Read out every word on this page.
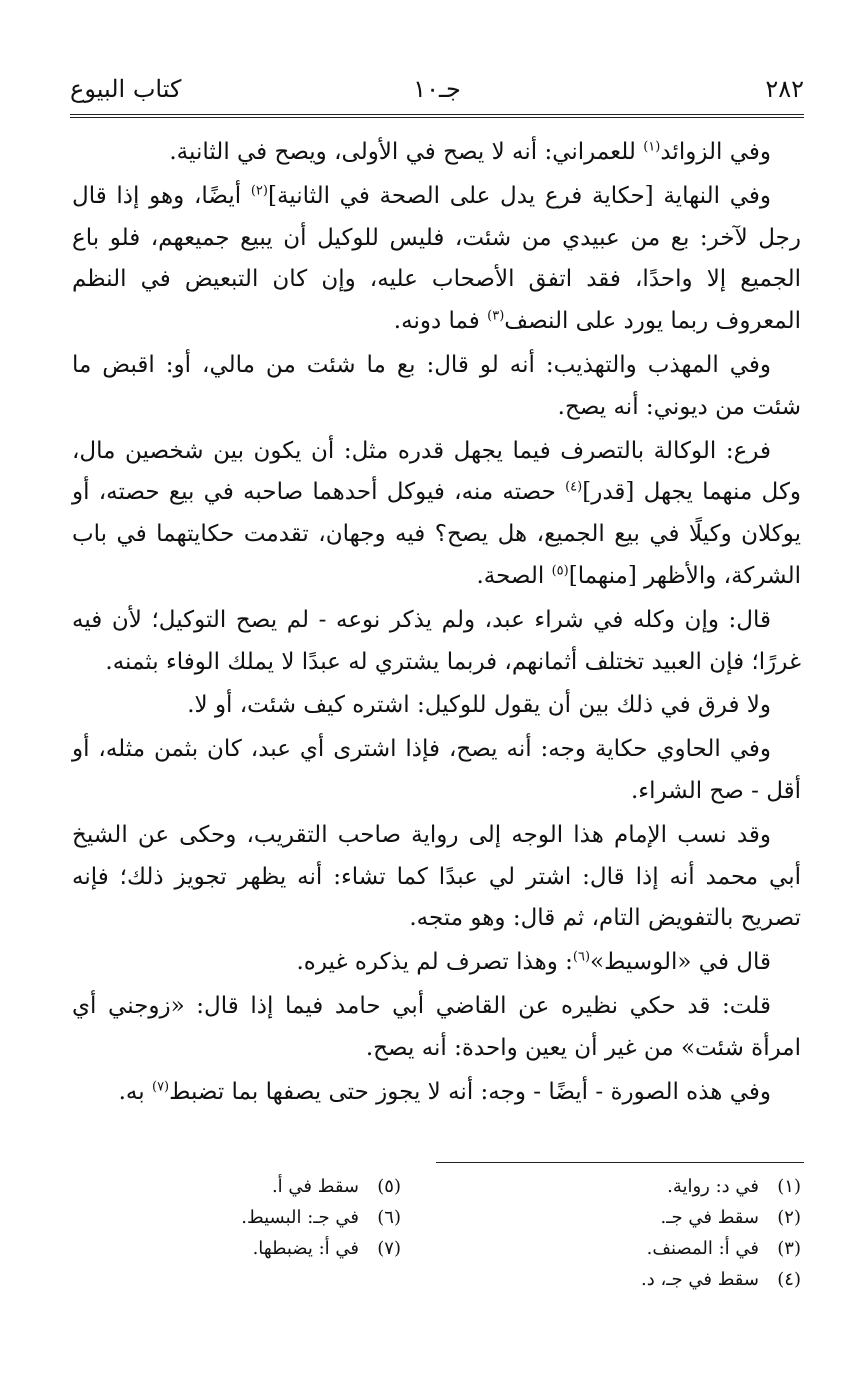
٢٨٢
جـ١٠
كتاب البيوع

وفي الزوائد$^{(١)}$ للعمراني: أنه لا يصح في الأولى، ويصح في الثانية.

وفي النهاية [حكاية فرع يدل على الصحة في الثانية]$^{(٢)}$ أيضًا، وهو إذا قال رجل لآخر: بع من عبيدي من شئت، فليس للوكيل أن يبيع جميعهم، فلو باع الجميع إلا واحدًا، فقد اتفق الأصحاب عليه، وإن كان التبعيض في النظم المعروف ربما يورد على النصف$^{(٣)}$ فما دونه.

وفي المهذب والتهذيب: أنه لو قال: بع ما شئت من مالي، أو: اقبض ما شئت من ديوني: أنه يصح.

فرع: الوكالة بالتصرف فيما يجهل قدره مثل: أن يكون بين شخصين مال، وكل منهما يجهل [قدر]$^{(٤)}$ حصته منه، فيوكل أحدهما صاحبه في بيع حصته، أو يوكلان وكيلًا في بيع الجميع، هل يصح؟ فيه وجهان، تقدمت حكايتهما في باب الشركة، والأظهر [منهما]$^{(٥)}$ الصحة.

قال: وإن وكله في شراء عبد، ولم يذكر نوعه - لم يصح التوكيل؛ لأن فيه غررًا؛ فإن العبيد تختلف أثمانهم، فربما يشتري له عبدًا لا يملك الوفاء بثمنه.

ولا فرق في ذلك بين أن يقول للوكيل: اشتره كيف شئت، أو لا.

وفي الحاوي حكاية وجه: أنه يصح، فإذا اشترى أي عبد، كان بثمن مثله، أو أقل - صح الشراء.

وقد نسب الإمام هذا الوجه إلى رواية صاحب التقريب، وحكى عن الشيخ أبي محمد أنه إذا قال: اشتر لي عبدًا كما تشاء: أنه يظهر تجويز ذلك؛ فإنه تصريح بالتفويض التام، ثم قال: وهو متجه.

قال في «الوسيط»$^{(٦)}$: وهذا تصرف لم يذكره غيره.

قلت: قد حكي نظيره عن القاضي أبي حامد فيما إذا قال: «زوجني أي امرأة شئت» من غير أن يعين واحدة: أنه يصح.

وفي هذه الصورة - أيضًا - وجه: أنه لا يجوز حتى يصفها بما تضبط$^{(٧)}$ به.

(١)في د: رواية.
(٢)سقط في جـ.
(٣)في أ: المصنف.
(٤)سقط في جـ، د.
(٥)سقط في أ.
(٦)في جـ: البسيط.
(٧)في أ: يضبطها.
